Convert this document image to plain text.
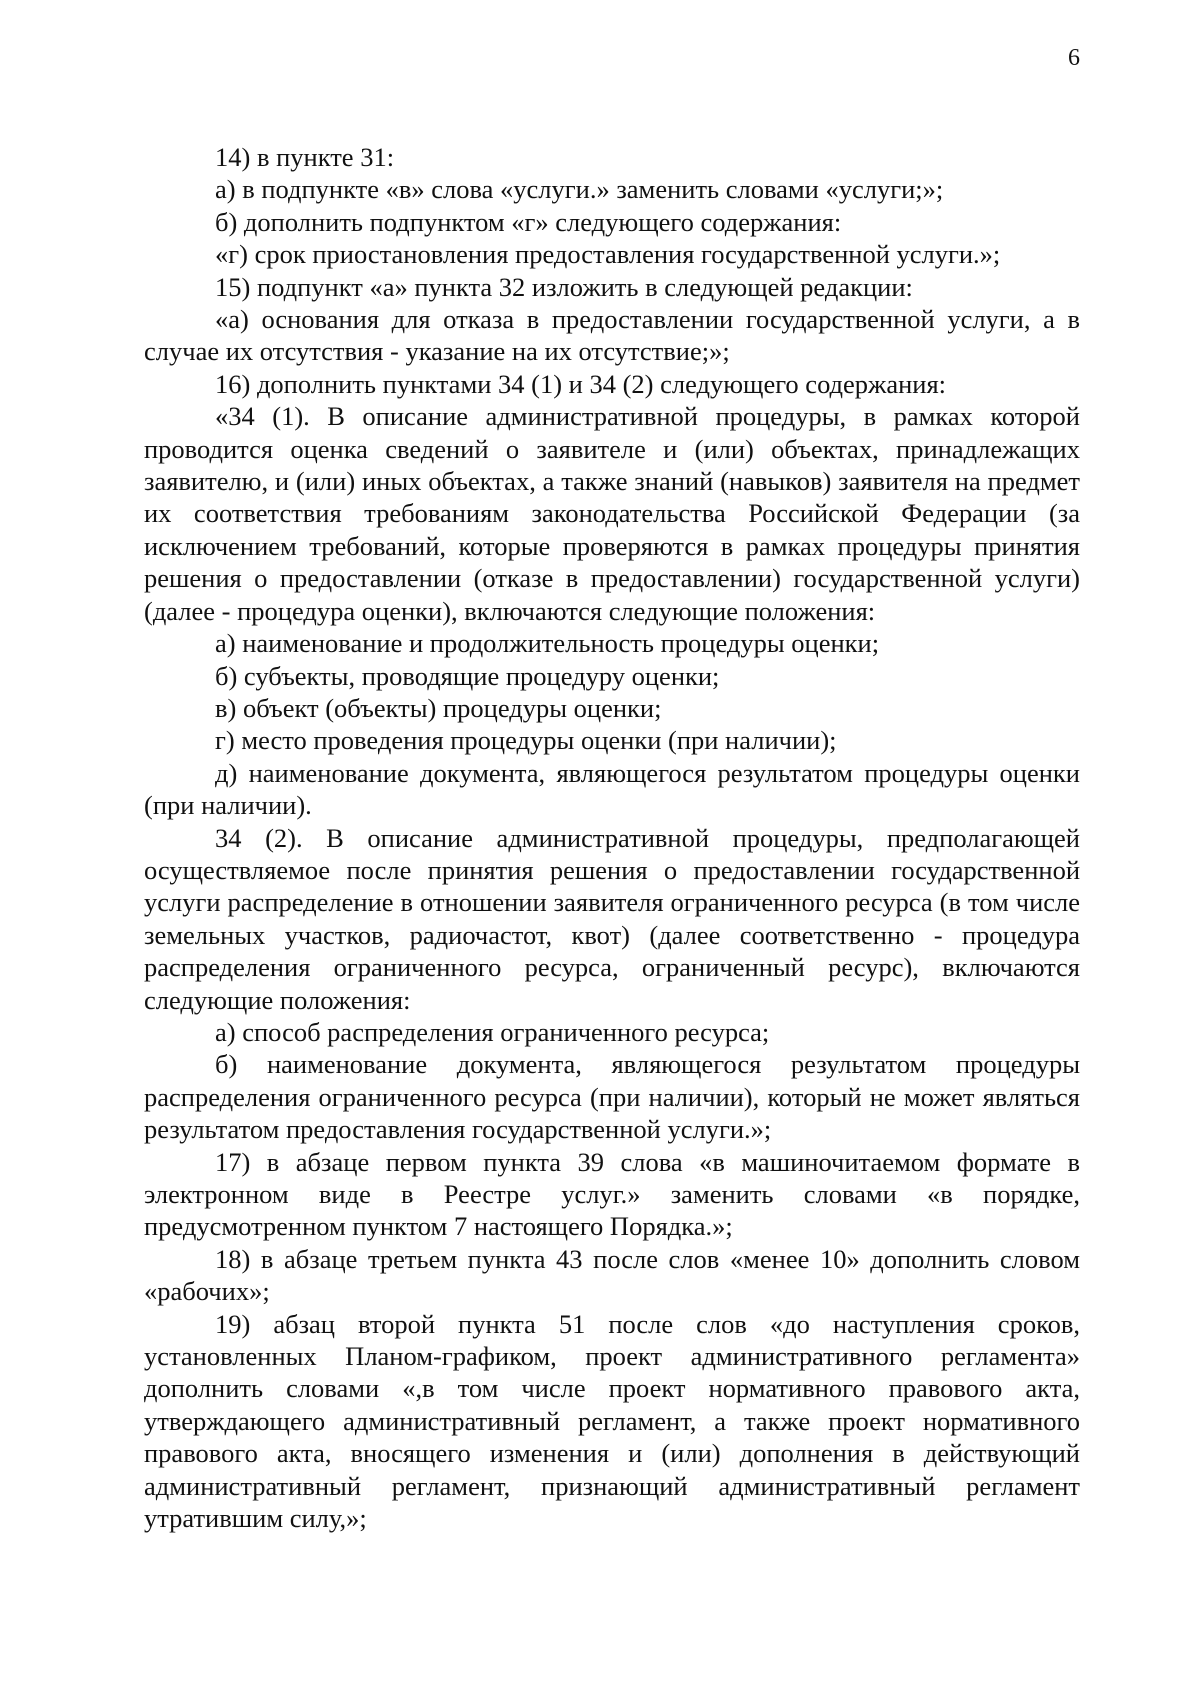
6

14) в пункте 31:

а) в подпункте «в» слова «услуги.» заменить словами «услуги;»;

б) дополнить подпунктом «г» следующего содержания:

«г) срок приостановления предоставления государственной услуги.»;

15) подпункт «а» пункта 32 изложить в следующей редакции:

«а) основания для отказа в предоставлении государственной услуги, а в случае их отсутствия - указание на их отсутствие;»;

16) дополнить пунктами 34 (1) и 34 (2) следующего содержания:

«34 (1). В описание административной процедуры, в рамках которой проводится оценка сведений о заявителе и (или) объектах, принадлежащих заявителю, и (или) иных объектах, а также знаний (навыков) заявителя на предмет их соответствия требованиям законодательства Российской Федерации (за исключением требований, которые проверяются в рамках процедуры принятия решения о предоставлении (отказе в предоставлении) государственной услуги) (далее - процедура оценки), включаются следующие положения:

а) наименование и продолжительность процедуры оценки;

б) субъекты, проводящие процедуру оценки;

в) объект (объекты) процедуры оценки;

г) место проведения процедуры оценки (при наличии);

д) наименование документа, являющегося результатом процедуры оценки (при наличии).

34 (2). В описание административной процедуры, предполагающей осуществляемое после принятия решения о предоставлении государственной услуги распределение в отношении заявителя ограниченного ресурса (в том числе земельных участков, радиочастот, квот) (далее соответственно - процедура распределения ограниченного ресурса, ограниченный ресурс), включаются следующие положения:

а) способ распределения ограниченного ресурса;

б) наименование документа, являющегося результатом процедуры распределения ограниченного ресурса (при наличии), который не может являться результатом предоставления государственной услуги.»;

17) в абзаце первом пункта 39 слова «в машиночитаемом формате в электронном виде в Реестре услуг.» заменить словами «в порядке, предусмотренном пунктом 7 настоящего Порядка.»;

18) в абзаце третьем пункта 43 после слов «менее 10» дополнить словом «рабочих»;

19) абзац второй пункта 51 после слов «до наступления сроков, установленных Планом-графиком, проект административного регламента» дополнить словами «,в том числе проект нормативного правового акта, утверждающего административный регламент, а также проект нормативного правового акта, вносящего изменения и (или) дополнения в действующий административный регламент, признающий административный регламент утратившим силу,»;
